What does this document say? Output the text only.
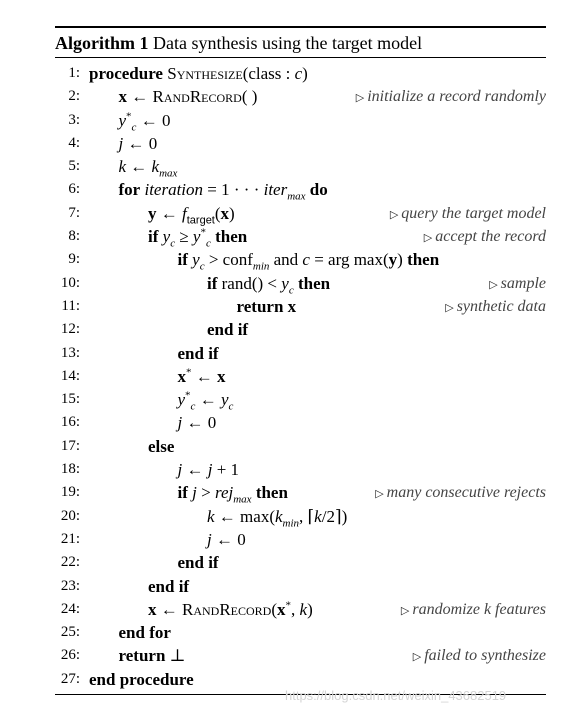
Algorithm 1 Data synthesis using the target model
1: procedure Synthesize(class : c)
2: x ← RandRecord( )	▷ initialize a record randomly
3: $y^*_c$ ← 0
4: j ← 0
5: k ← $k_{max}$
6: for iteration = 1 · · · iter$_{max}$ do
7:	y ← $f_{target}(x)$	▷ query the target model
8:	if $y_c \ge y^*_c$ then	▷ accept the record
9:	if $y_c$ > conf$_{min}$ and c = arg max(y) then
10:	if rand() < $y_c$ then	▷ sample
11:	return x	▷ synthetic data
12:	end if
13:	end if
14:	x* ← x
15:	$y^*_c$ ← $y_c$
16:	j ← 0
17:	else
18:	j ← j + 1
19:	if j > rej$_{max}$ then	▷ many consecutive rejects
20:	k ← $\max(k_{min}$, ⌈k/2⌉)
21:	j ← 0
22:	end if
23:	end if
24:	x ← RandRecord(x*, k)	▷ randomize k features
25: end for
26: return ⊥	▷ failed to synthesize
27: end procedure
https://blog.csdn.net/weixin_43682519
